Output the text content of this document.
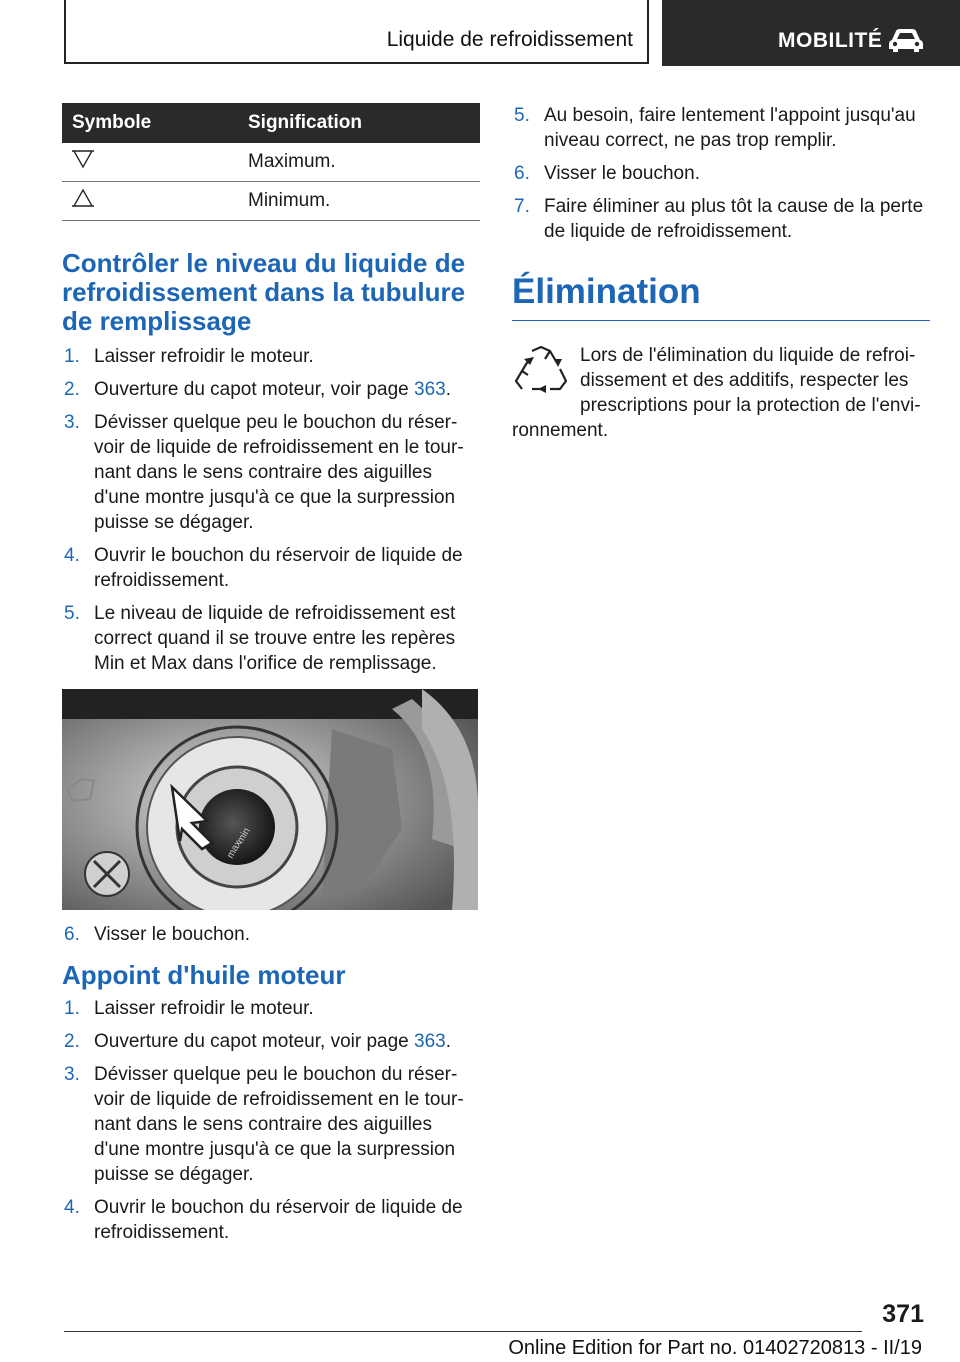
Liquide de refroidissement	MOBILITÉ
Symbole	Signification
	Maximum.
	Minimum.
Contrôler le niveau du liquide de refroidissement dans la tubulure de remplissage
1. Laisser refroidir le moteur.
2. Ouverture du capot moteur, voir page 363.
3. Dévisser quelque peu le bouchon du réservoir de liquide de refroidissement en le tournant dans le sens contraire des aiguilles d'une montre jusqu'à ce que la surpression puisse se dégager.
4. Ouvrir le bouchon du réservoir de liquide de refroidissement.
5. Le niveau de liquide de refroidissement est correct quand il se trouve entre les repères Min et Max dans l'orifice de remplissage.
min
max
6. Visser le bouchon.
Appoint d'huile moteur
1. Laisser refroidir le moteur.
2. Ouverture du capot moteur, voir page 363.
3. Dévisser quelque peu le bouchon du réservoir de liquide de refroidissement en le tournant dans le sens contraire des aiguilles d'une montre jusqu'à ce que la surpression puisse se dégager.
4. Ouvrir le bouchon du réservoir de liquide de refroidissement.
5. Au besoin, faire lentement l'appoint jusqu'au niveau correct, ne pas trop remplir.
6. Visser le bouchon.
7. Faire éliminer au plus tôt la cause de la perte de liquide de refroidissement.
Élimination
Lors de l'élimination du liquide de refroidissement et des additifs, respecter les prescriptions pour la protection de l'environnement.
371
Online Edition for Part no. 01402720813 - II/19
